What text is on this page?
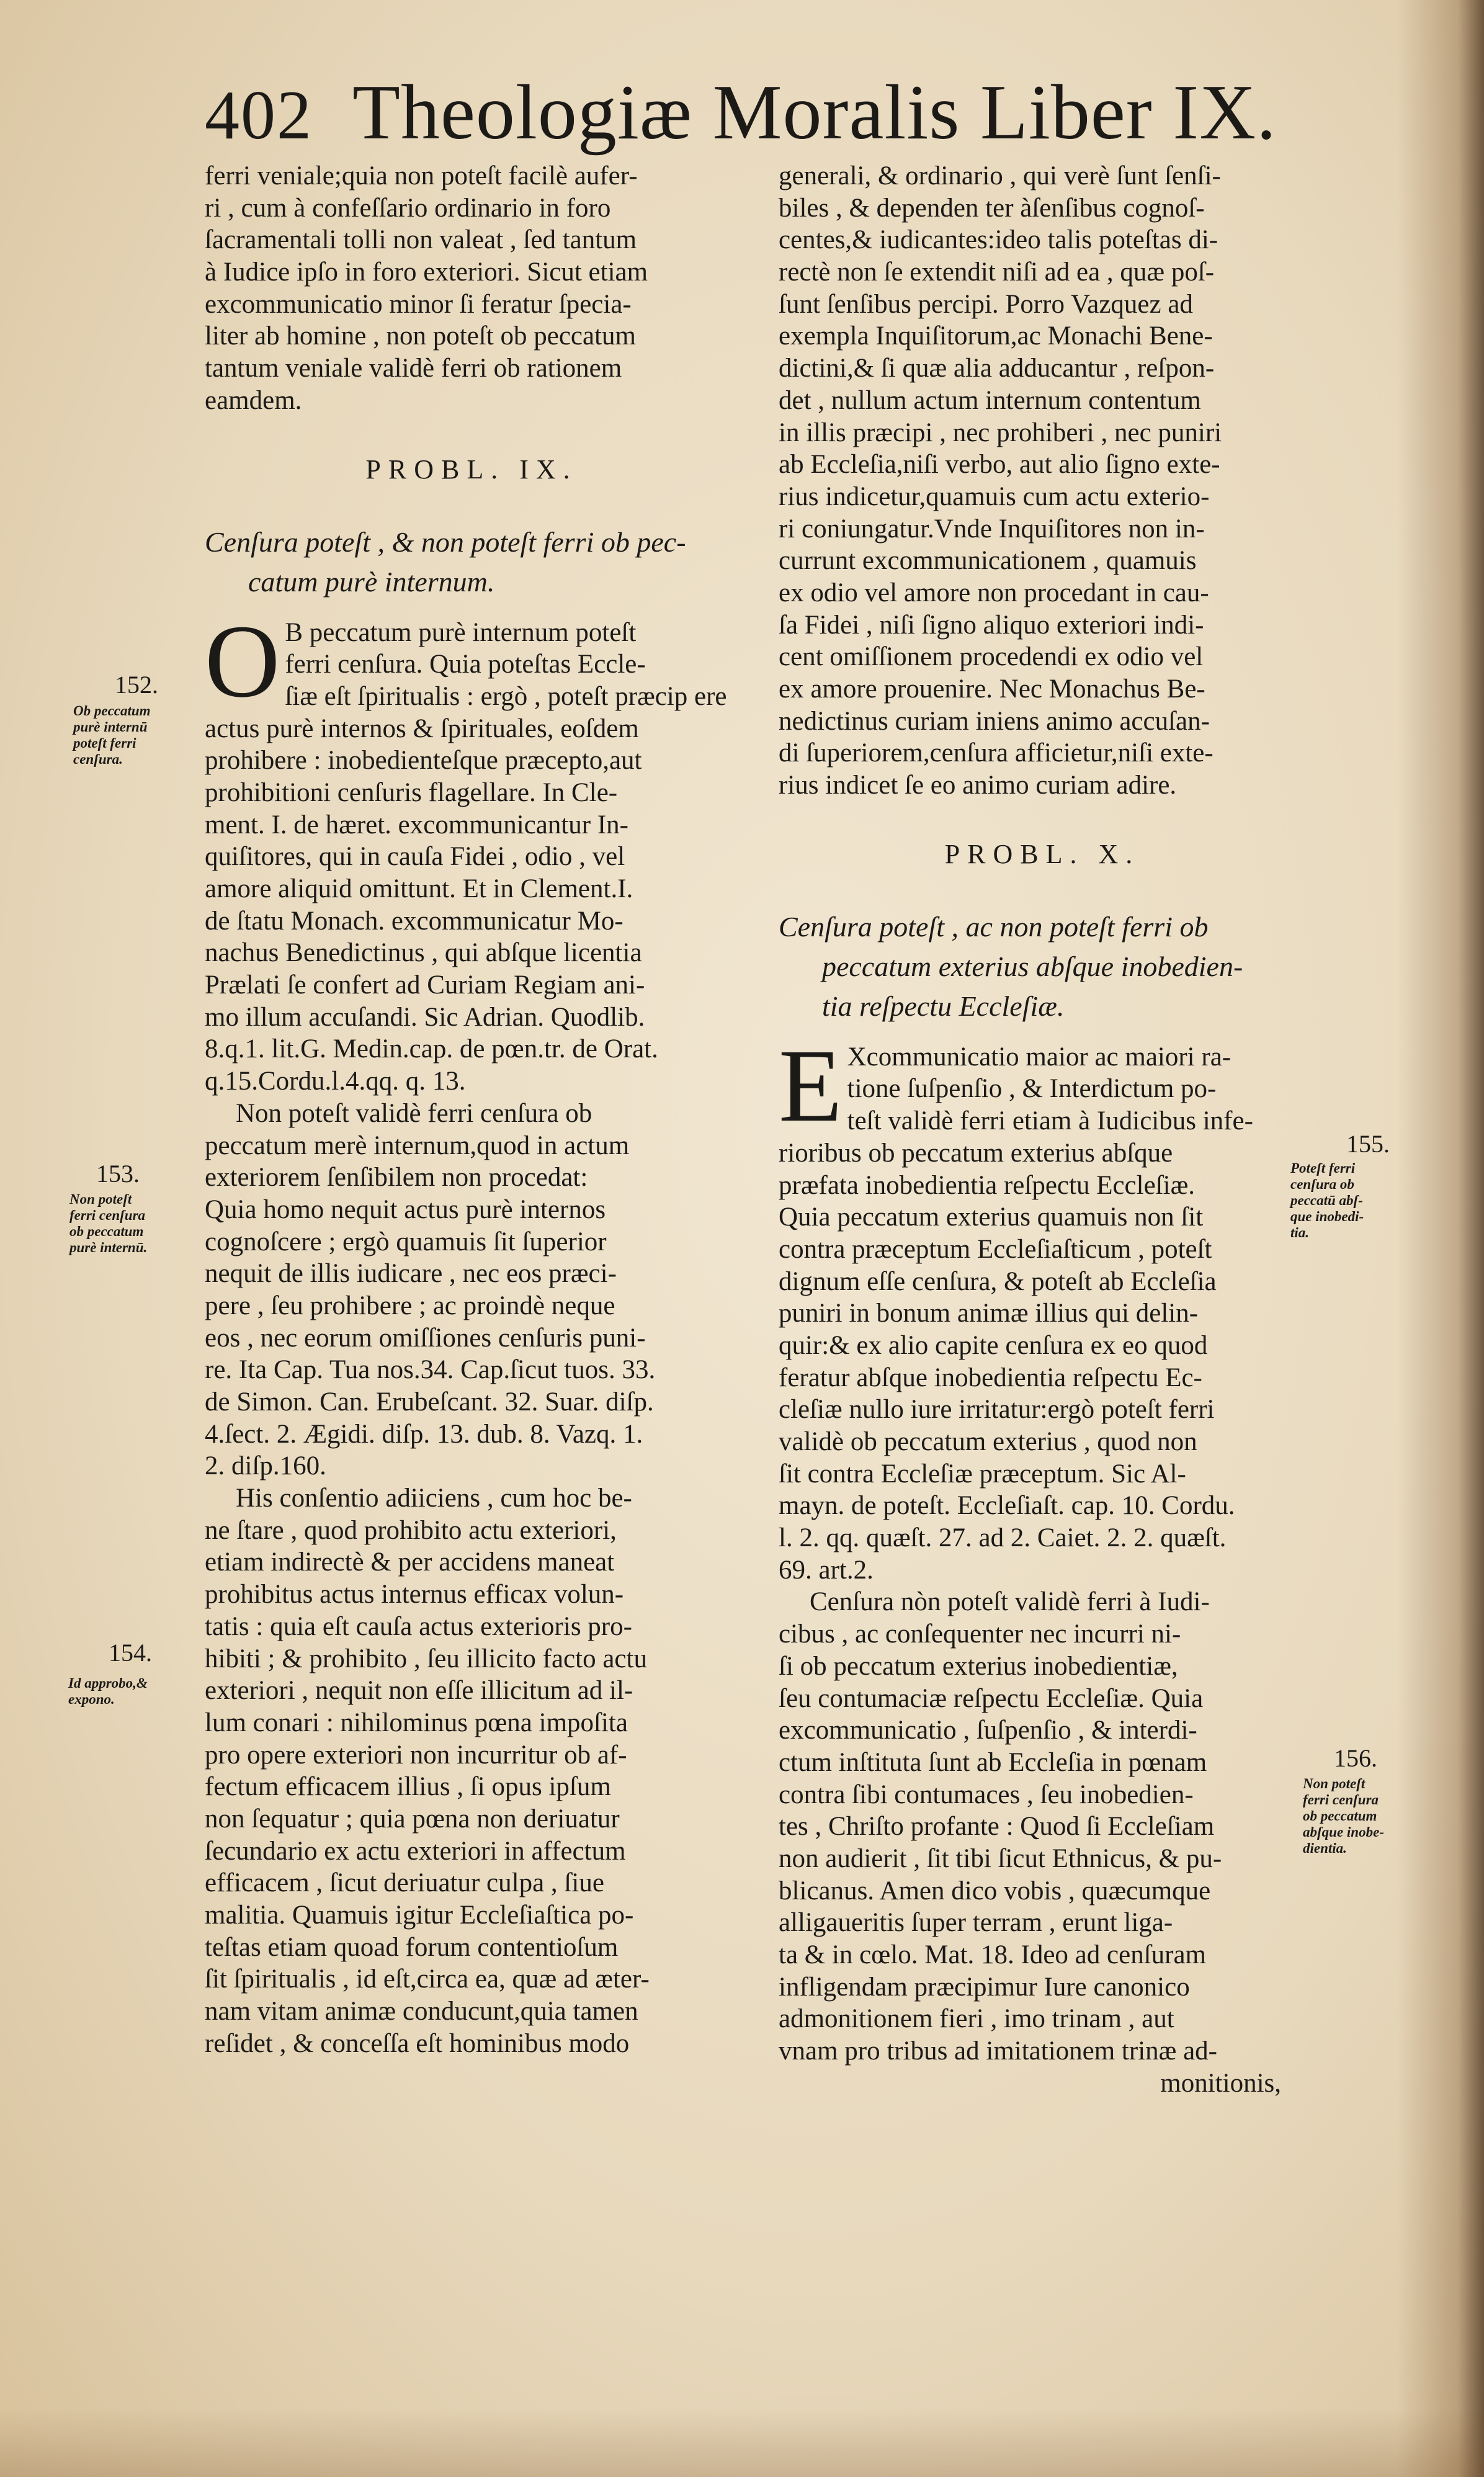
402 Theologiæ Moralis Liber IX.
ferri veniale;quia non poteſt facilè aufer-
ri , cum à confeſſario ordinario in foro
ſacramentali tolli non valeat , ſed tantum
à Iudice ipſo in foro exteriori. Sicut etiam
excommunicatio minor ſi feratur ſpecia-
liter ab homine , non poteſt ob peccatum
tantum veniale validè ferri ob rationem
eamdem.
PROBL. IX.
Cenſura poteſt , & non poteſt ferri ob pec-
catum purè internum.
O B peccatum purè internum poteſt
ferri cenſura. Quia poteſtas Eccle-
ſiæ eſt ſpiritualis : ergò , poteſt præcip ere
actus purè internos & ſpirituales, eoſdem
prohibere : inobedienteſque præcepto,aut
prohibitioni cenſuris flagellare. In Cle-
ment. I. de hæret. excommunicantur In-
quiſitores, qui in cauſa Fidei , odio , vel
amore aliquid omittunt. Et in Clement.I.
de ſtatu Monach. excommunicatur Mo-
nachus Benedictinus , qui abſque licentia
Prælati ſe confert ad Curiam Regiam ani-
mo illum accuſandi. Sic Adrian. Quodlib.
8.q.1. lit.G. Medin.cap. de pœn.tr. de Orat.
q.15.Cordu.l.4.qq. q. 13.
Non poteſt validè ferri cenſura ob
peccatum merè internum,quod in actum
exteriorem ſenſibilem non procedat:
Quia homo nequit actus purè internos
cognoſcere ; ergò quamuis ſit ſuperior
nequit de illis iudicare , nec eos præci-
pere , ſeu prohibere ; ac proindè neque
eos , nec eorum omiſſiones cenſuris puni-
re. Ita Cap. Tua nos.34. Cap.ſicut tuos. 33.
de Simon. Can. Erubeſcant. 32. Suar. diſp.
4.ſect. 2. Ægidi. diſp. 13. dub. 8. Vazq. 1.
2. diſp.160.
His conſentio adiiciens , cum hoc be-
ne ſtare , quod prohibito actu exteriori,
etiam indirectè & per accidens maneat
prohibitus actus internus efficax volun-
tatis : quia eſt cauſa actus exterioris pro-
hibiti ; & prohibito , ſeu illicito facto actu
exteriori , nequit non eſſe illicitum ad il-
lum conari : nihilominus pœna impoſita
pro opere exteriori non incurritur ob af-
fectum efficacem illius , ſi opus ipſum
non ſequatur ; quia pœna non deriuatur
ſecundario ex actu exteriori in affectum
efficacem , ſicut deriuatur culpa , ſiue
malitia. Quamuis igitur Eccleſiaſtica po-
teſtas etiam quoad forum contentioſum
ſit ſpiritualis , id eſt,circa ea, quæ ad æter-
nam vitam animæ conducunt,quia tamen
reſidet , & conceſſa eſt hominibus modo
generali, & ordinario , qui verè ſunt ſenſi-
biles , & dependen ter àſenſibus cognoſ-
centes,& iudicantes:ideo talis poteſtas di-
rectè non ſe extendit niſi ad ea , quæ poſ-
ſunt ſenſibus percipi. Porro Vazquez ad
exempla Inquiſitorum,ac Monachi Bene-
dictini,& ſi quæ alia adducantur , reſpon-
det , nullum actum internum contentum
in illis præcipi , nec prohiberi , nec puniri
ab Eccleſia,niſi verbo, aut alio ſigno exte-
rius indicetur,quamuis cum actu exterio-
ri coniungatur.Vnde Inquiſitores non in-
currunt excommunicationem , quamuis
ex odio vel amore non procedant in cau-
ſa Fidei , niſi ſigno aliquo exteriori indi-
cent omiſſionem procedendi ex odio vel
ex amore prouenire. Nec Monachus Be-
nedictinus curiam iniens animo accuſan-
di ſuperiorem,cenſura afficietur,niſi exte-
rius indicet ſe eo animo curiam adire.
PROBL. X.
Cenſura poteſt , ac non poteſt ferri ob
peccatum exterius abſque inobedien-
tia reſpectu Eccleſiæ.
E Xcommunicatio maior ac maiori ra-
tione ſuſpenſio , & Interdictum po-
teſt validè ferri etiam à Iudicibus infe-
rioribus ob peccatum exterius abſque
præfata inobedientia reſpectu Eccleſiæ.
Quia peccatum exterius quamuis non ſit
contra præceptum Eccleſiaſticum , poteſt
dignum eſſe cenſura, & poteſt ab Eccleſia
puniri in bonum animæ illius qui delin-
quir:& ex alio capite cenſura ex eo quod
feratur abſque inobedientia reſpectu Ec-
cleſiæ nullo iure irritatur:ergò poteſt ferri
validè ob peccatum exterius , quod non
ſit contra Eccleſiæ præceptum. Sic Al-
mayn. de poteſt. Eccleſiaſt. cap. 10. Cordu.
l. 2. qq. quæſt. 27. ad 2. Caiet. 2. 2. quæſt.
69. art.2.
Cenſura nòn poteſt validè ferri à Iudi-
cibus , ac conſequenter nec incurri ni-
ſi ob peccatum exterius inobedientiæ,
ſeu contumaciæ reſpectu Eccleſiæ. Quia
excommunicatio , ſuſpenſio , & interdi-
ctum inſtituta ſunt ab Eccleſia in pœnam
contra ſibi contumaces , ſeu inobedien-
tes , Chriſto profante : Quod ſi Eccleſiam
non audierit , ſit tibi ſicut Ethnicus, & pu-
blicanus. Amen dico vobis , quæcumque
alligaueritis ſuper terram , erunt liga-
ta & in cœlo. Mat. 18. Ideo ad cenſuram
infligendam præcipimur Iure canonico
admonitionem fieri , imo trinam , aut
vnam pro tribus ad imitationem trinæ ad-
monitionis,
152.
Ob peccatum
purè internū
poteſt ferri
cenſura.
153.
Non poteſt
ferri cenſura
ob peccatum
purè internū.
154.
Id approbo,&
expono.
155.
Poteſt ferri
cenſura ob
peccatū abſ-
que inobedi-
tia.
156.
Non poteſt
ferri cenſura
ob peccatum
abſque inobe-
dientia.
